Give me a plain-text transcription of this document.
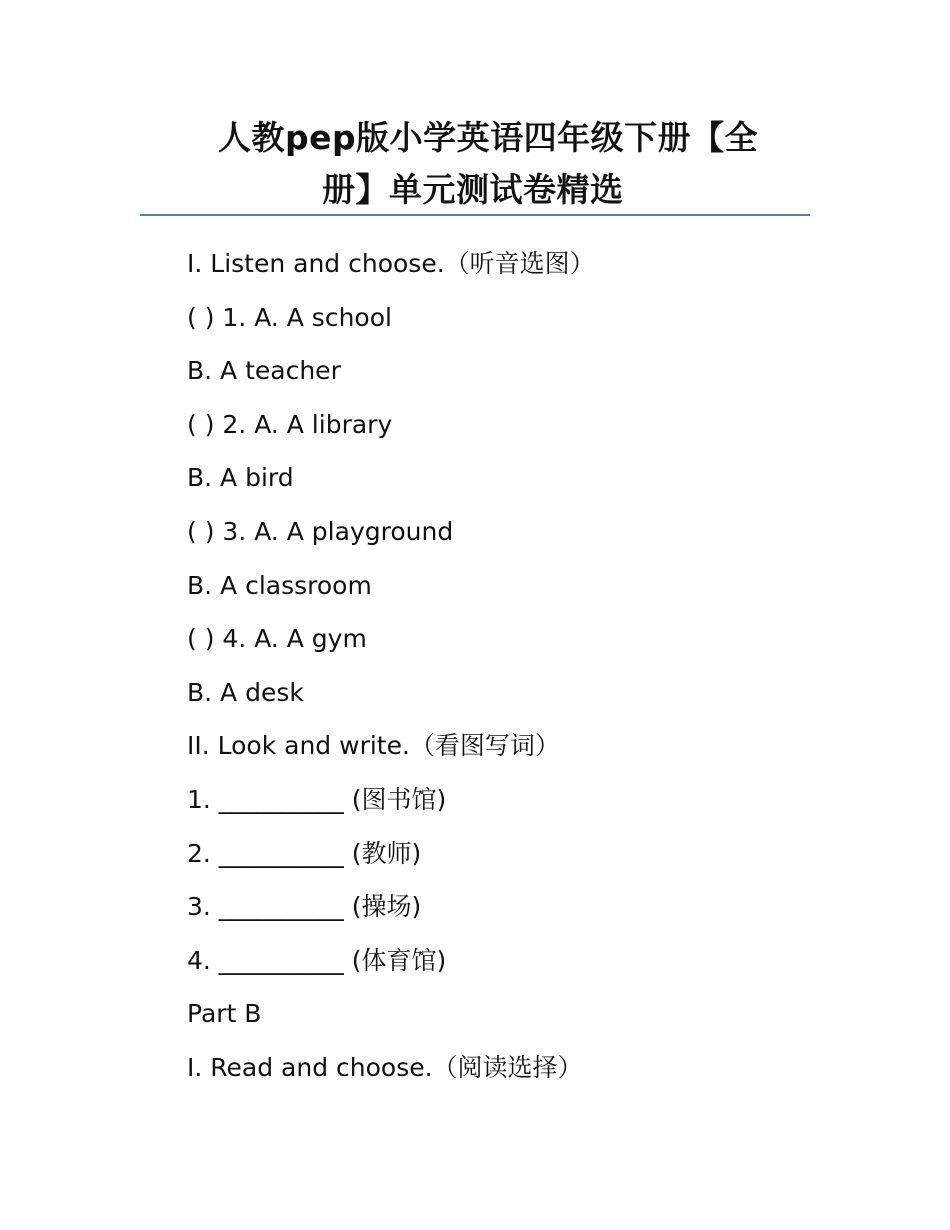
人教pep版小学英语四年级下册【全
册】单元测试卷精选
I. Listen and choose.（听音选图）
( ) 1. A. A school
B. A teacher
( ) 2. A. A library
B. A bird
( ) 3. A. A playground
B. A classroom
( ) 4. A. A gym
B. A desk
II. Look and write.（看图写词）
1. __________ (图书馆)
2. __________ (教师)
3. __________ (操场)
4. __________ (体育馆)
Part B
I. Read and choose.（阅读选择）
